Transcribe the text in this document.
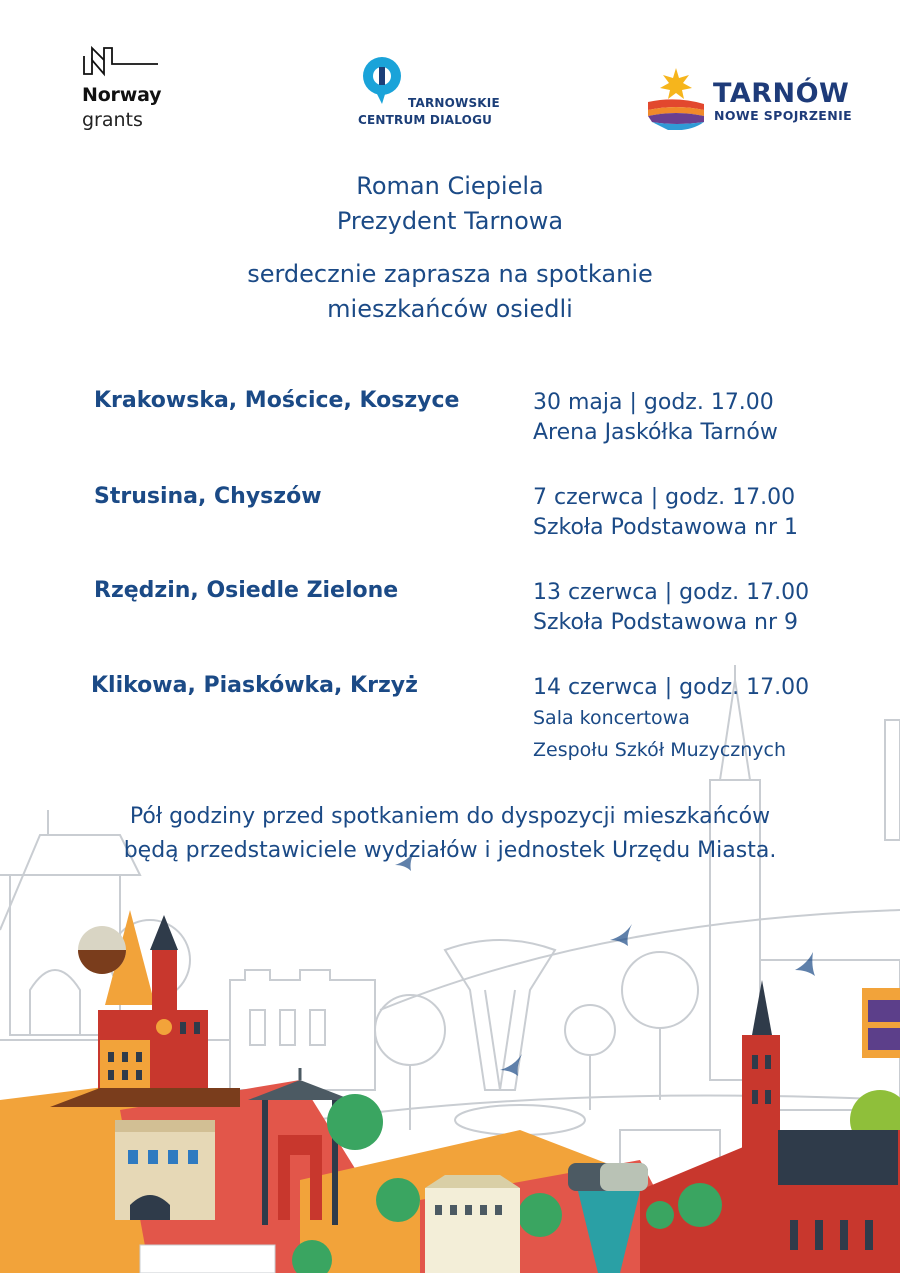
Norway
grants
TARNOWSKIE
CENTRUM DIALOGU
TARNÓW
NOWE SPOJRZENIE
Roman Ciepiela
Prezydent Tarnowa
serdecznie zaprasza na spotkanie
mieszkańców osiedli
Krakowska, Mościce, Koszyce	30 maja | godz. 17.00
Arena Jaskółka Tarnów
Strusina, Chyszów	7 czerwca | godz. 17.00
Szkoła Podstawowa nr 1
Rzędzin, Osiedle Zielone	13 czerwca | godz. 17.00
Szkoła Podstawowa nr 9
Klikowa, Piaskówka, Krzyż	14 czerwca | godz. 17.00
Sala koncertowa
Zespołu Szkół Muzycznych
Pół godziny przed spotkaniem do dyspozycji mieszkańców
będą przedstawiciele wydziałów i jednostek Urzędu Miasta.
